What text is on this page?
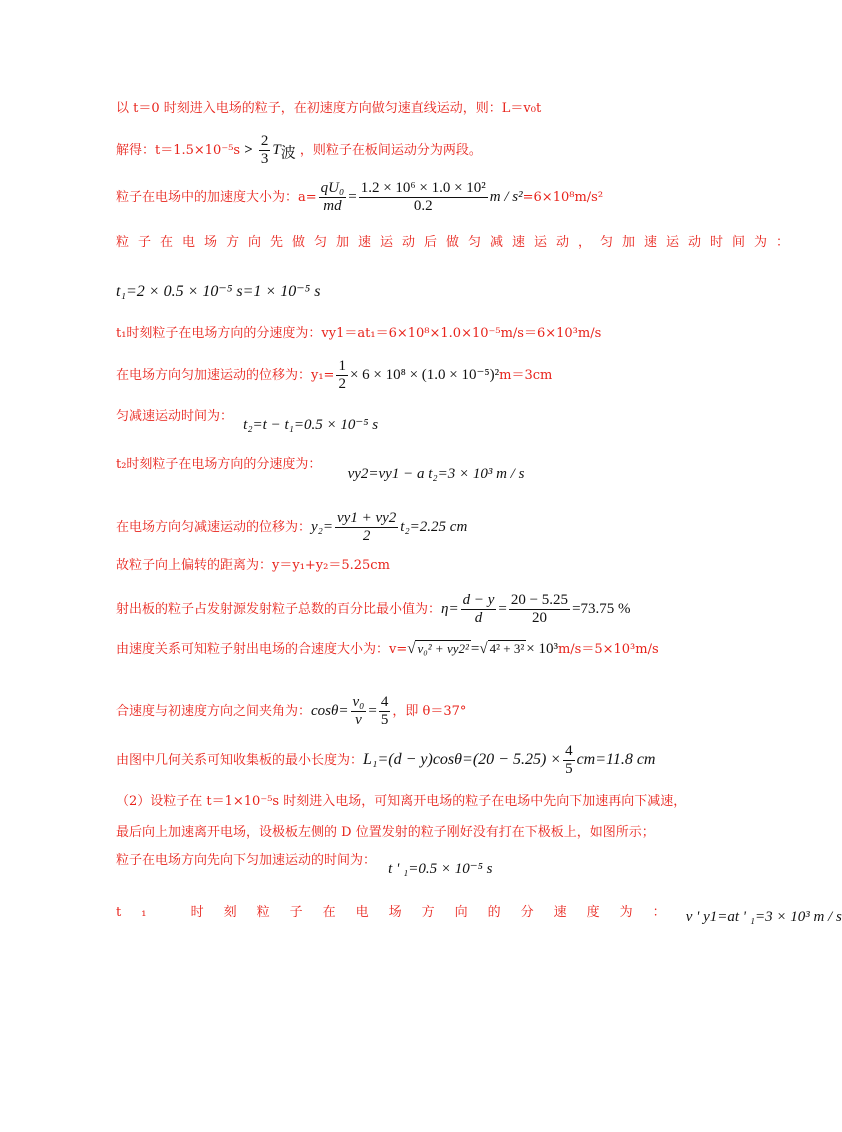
以 t＝0 时刻进入电场的粒子，在初速度方向做匀速直线运动，则：L＝v₀t
解得：$t=1.5\times 10^{-5}s > \frac{2}{3} T_波$ ，则粒子在板间运动分为两段。
粒子在电场中的加速度大小为：$a= \frac{\text{qU₀}}{md} = \frac{\text{1.2 × 10⁶ × 1.0 × 10²}}{0.2}$ m / s²=6×10⁸m/s²
粒子在电场方向先做匀加速运动后做匀减速运动，匀加速运动时间为：
t₁=2 × 0.5 × 10⁻⁵ s=1 × 10⁻⁵ s
t₁时刻粒子在电场方向的分速度为：vy1＝at₁＝6×10⁸×1.0×10⁻⁵m/s＝6×10³m/s
在电场方向匀加速运动的位移为：$y_1= \frac{1}{2} \times 6 \times 10^8 \times (1.0 \times 10^{-5})^2m=3cm$
匀减速运动时间为： t₂=t − t₁=0.5 × 10⁻⁵ s
t₂时刻粒子在电场方向的分速度为： vy2=vy1 − a t₂=3 × 10³ m / s
在电场方向匀减速运动的位移为：$y_2= \frac{vy1 + vy2}{2} t_2=2.25$ cm
故粒子向上偏转的距离为：y＝y₁+y₂＝5.25cm
射出板的粒子占发射源发射粒子总数的百分比最小值为：$\eta= \frac{d - y}{d} = \frac{20 - 5.25}{20} =73.75$ %
由速度关系可知粒子射出电场的合速度大小为：v=√ v₀² + vy2² =√ 4² + 3² × 10³m/s＝5×10³m/s
合速度与初速度方向之间夹角为：$\cos\theta= \frac{\text{v₀}}{v} = \frac{4}{5}$ ，即 θ＝37°
由图中几何关系可知收集板的最小长度为：$L_1=(d - y)\cos\theta=(20 - 5.25) \times \frac{4}{5} cm=11.8$ cm
（2）设粒子在 t＝1×10⁻⁵s 时刻进入电场，可知离开电场的粒子在电场中先向下加速再向下减速，
最后向上加速离开电场，设极板左侧的 D 位置发射的粒子刚好没有打在下极板上，如图所示；
粒子在电场方向先向下匀加速运动的时间为： t ' ₁=0.5 × 10⁻⁵ s
t₁ 时刻粒子在电场方向的分速度为： v ' y1=at ' ₁=3 × 10³ m / s
